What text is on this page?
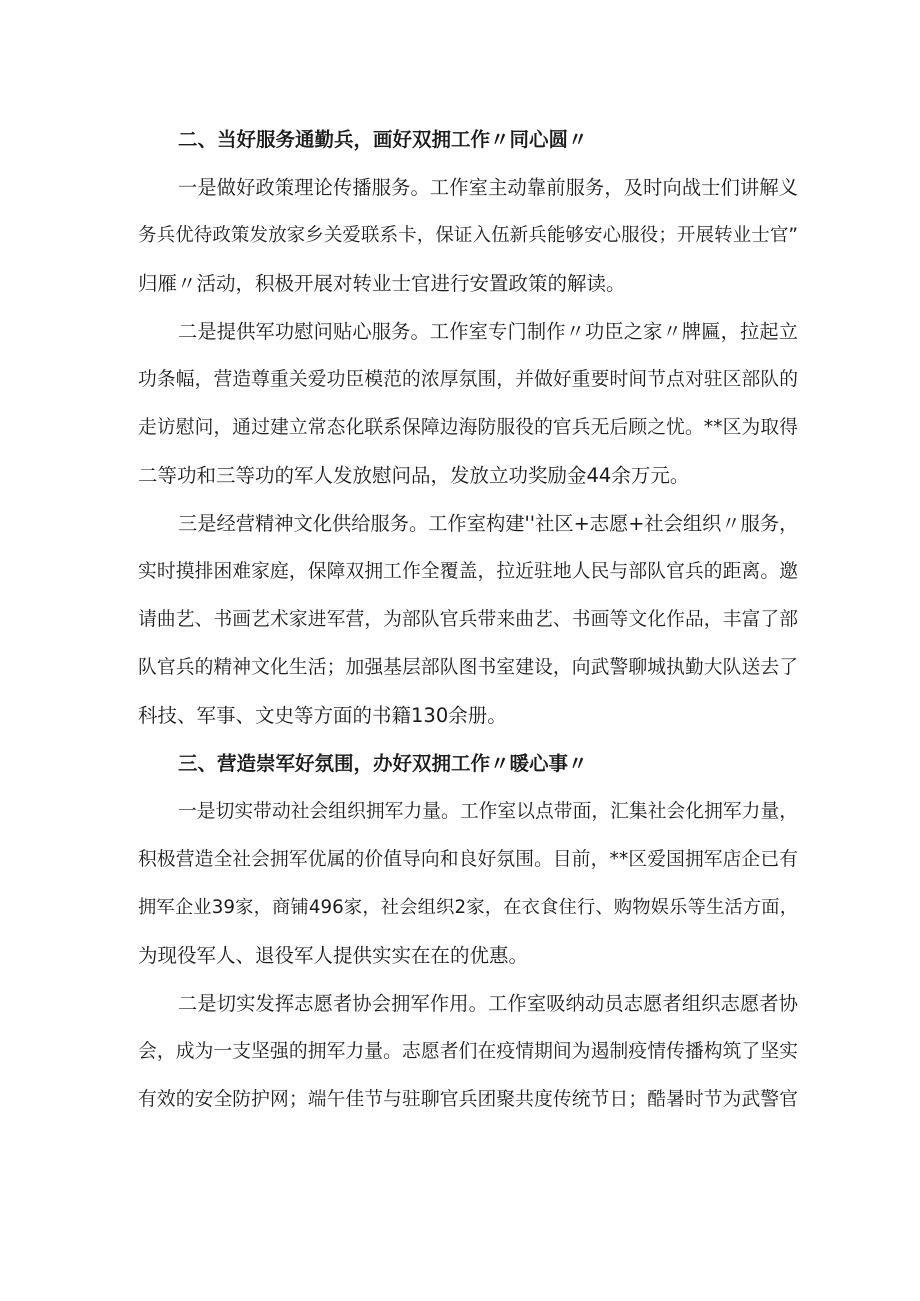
二、当好服务通勤兵，画好双拥工作〃同心圆〃
一是做好政策理论传播服务。工作室主动靠前服务，及时向战士们讲解义
务兵优待政策发放家乡关爱联系卡，保证入伍新兵能够安心服役；开展转业士官”
归雁〃活动，积极开展对转业士官进行安置政策的解读。
二是提供军功慰问贴心服务。工作室专门制作〃功臣之家〃牌匾，拉起立
功条幅，营造尊重关爱功臣模范的浓厚氛围，并做好重要时间节点对驻区部队的
走访慰问，通过建立常态化联系保障边海防服役的官兵无后顾之忧。**区为取得
二等功和三等功的军人发放慰问品，发放立功奖励金44余万元。
三是经营精神文化供给服务。工作室构建''社区+志愿+社会组织〃服务，
实时摸排困难家庭，保障双拥工作全覆盖，拉近驻地人民与部队官兵的距离。邀
请曲艺、书画艺术家进军营，为部队官兵带来曲艺、书画等文化作品，丰富了部
队官兵的精神文化生活；加强基层部队图书室建设，向武警聊城执勤大队送去了
科技、军事、文史等方面的书籍130余册。
三、营造崇军好氛围，办好双拥工作〃暖心事〃
一是切实带动社会组织拥军力量。工作室以点带面，汇集社会化拥军力量，
积极营造全社会拥军优属的价值导向和良好氛围。目前，**区爱国拥军店企已有
拥军企业39家，商铺496家，社会组织2家，在衣食住行、购物娱乐等生活方面，
为现役军人、退役军人提供实实在在的优惠。
二是切实发挥志愿者协会拥军作用。工作室吸纳动员志愿者组织志愿者协
会，成为一支坚强的拥军力量。志愿者们在疫情期间为遏制疫情传播构筑了坚实
有效的安全防护网；端午佳节与驻聊官兵团聚共度传统节日；酷暑时节为武警官
